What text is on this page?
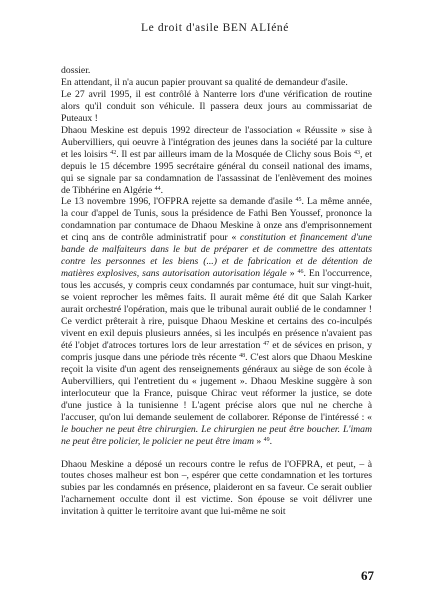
Le droit d'asile BEN ALIéné

dossier.

En attendant, il n'a aucun papier prouvant sa qualité de demandeur d'asile.

Le 27 avril 1995, il est contrôlé à Nanterre lors d'une vérification de routine alors qu'il conduit son véhicule. Il passera deux jours au commissariat de Puteaux !

Dhaou Meskine est depuis 1992 directeur de l'association « Réussite » sise à Aubervilliers, qui oeuvre à l'intégration des jeunes dans la société par la culture et les loisirs $^{42}$. Il est par ailleurs imam de la Mosquée de Clichy sous Bois $^{43}$, et depuis le 15 décembre 1995 secrétaire général du conseil national des imams, qui se signale par sa condamnation de l'assassinat de l'enlèvement des moines de Tibhérine en Algérie $^{44}$.

Le 13 novembre 1996, l'OFPRA rejette sa demande d'asile $^{45}$. La même année, la cour d'appel de Tunis, sous la présidence de Fathi Ben Youssef, prononce la condamnation par contumace de Dhaou Meskine à onze ans d'emprisonnement et cinq ans de contrôle administratif pour « constitution et financement d'une bande de malfaiteurs dans le but de préparer et de commettre des attentats contre les personnes et les biens (...) et de fabrication et de détention de matières explosives, sans autorisation autorisation légale » $^{46}$. En l'occurrence, tous les accusés, y compris ceux condamnés par contumace, huit sur vingt-huit, se voient reprocher les mêmes faits. Il aurait même été dit que Salah Karker aurait orchestré l'opération, mais que le tribunal aurait oublié de le condamner ! Ce verdict prêterait à rire, puisque Dhaou Meskine et certains des co-inculpés vivent en exil depuis plusieurs années, si les inculpés en présence n'avaient pas été l'objet d'atroces tortures lors de leur arrestation $^{47}$ et de sévices en prison, y compris jusque dans une période très récente $^{48}$. C'est alors que Dhaou Meskine reçoit la visite d'un agent des renseignements généraux au siège de son école à Aubervilliers, qui l'entretient du « jugement ». Dhaou Meskine suggère à son interlocuteur que la France, puisque Chirac veut réformer la justice, se dote d'une justice à la tunisienne ! L'agent précise alors que nul ne cherche à l'accuser, qu'on lui demande seulement de collaborer. Réponse de l'intéressé : « le boucher ne peut être chirurgien. Le chirurgien ne peut être boucher. L'imam ne peut être policier, le policier ne peut être imam » $^{49}$.

Dhaou Meskine a déposé un recours contre le refus de l'OFPRA, et peut, – à toutes choses malheur est bon –, espérer que cette condamnation et les tortures subies par les condamnés en présence, plaideront en sa faveur. Ce serait oublier l'acharnement occulte dont il est victime. Son épouse se voit délivrer une invitation à quitter le territoire avant que lui-même ne soit

67
